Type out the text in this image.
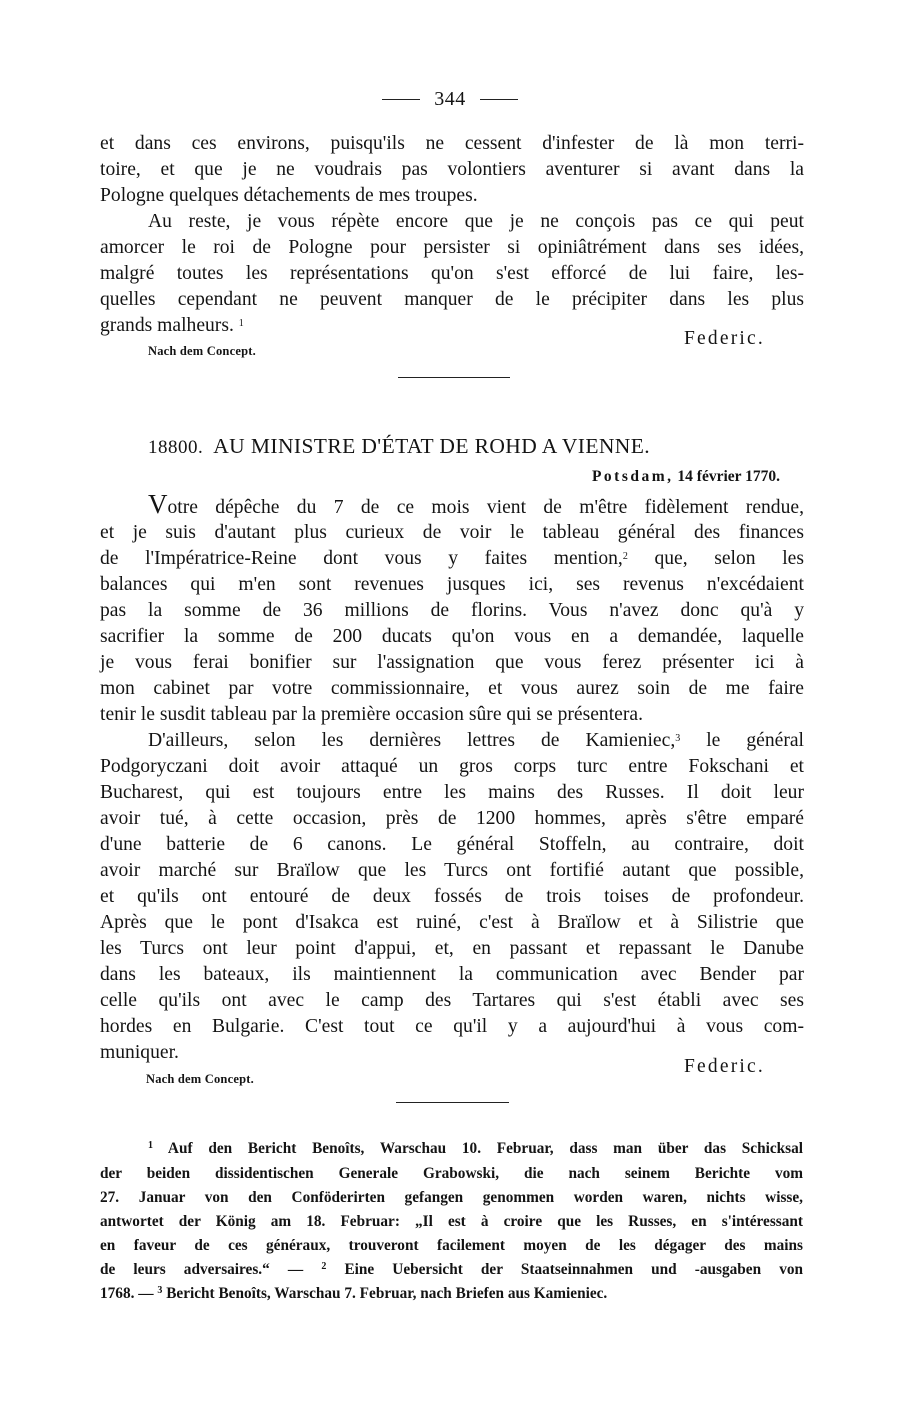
344
et dans ces environs, puisqu'ils ne cessent d'infester de là mon terri-
toire, et que je ne voudrais pas volontiers aventurer si avant dans la
Pologne quelques détachements de mes troupes.
Au reste, je vous répète encore que je ne conçois pas ce qui peut
amorcer le roi de Pologne pour persister si opiniâtrément dans ses idées,
malgré toutes les représentations qu'on s'est efforcé de lui faire, les-
quelles cependant ne peuvent manquer de le précipiter dans les plus
grands malheurs. $^1$
Federic.
Nach dem Concept.
18800. AU MINISTRE D'ÉTAT DE ROHD A VIENNE.
Potsdam, 14 février 1770.
Votre dépêche du 7 de ce mois vient de m'être fidèlement rendue,
et je suis d'autant plus curieux de voir le tableau général des finances
de l'Impératrice-Reine dont vous y faites mention,$^2$ que, selon les
balances qui m'en sont revenues jusques ici, ses revenus n'excédaient
pas la somme de 36 millions de florins. Vous n'avez donc qu'à y
sacrifier la somme de 200 ducats qu'on vous en a demandée, laquelle
je vous ferai bonifier sur l'assignation que vous ferez présenter ici à
mon cabinet par votre commissionnaire, et vous aurez soin de me faire
tenir le susdit tableau par la première occasion sûre qui se présentera.
D'ailleurs, selon les dernières lettres de Kamieniec,$^3$ le général
Podgoryczani doit avoir attaqué un gros corps turc entre Fokschani et
Bucharest, qui est toujours entre les mains des Russes. Il doit leur
avoir tué, à cette occasion, près de 1200 hommes, après s'être emparé
d'une batterie de 6 canons. Le général Stoffeln, au contraire, doit
avoir marché sur Braïlow que les Turcs ont fortifié autant que possible,
et qu'ils ont entouré de deux fossés de trois toises de profondeur.
Après que le pont d'Isakca est ruiné, c'est à Braïlow et à Silistrie que
les Turcs ont leur point d'appui, et, en passant et repassant le Danube
dans les bateaux, ils maintiennent la communication avec Bender par
celle qu'ils ont avec le camp des Tartares qui s'est établi avec ses
hordes en Bulgarie. C'est tout ce qu'il y a aujourd'hui à vous com-
muniquer.
Federic.
Nach dem Concept.
$^1$ Auf den Bericht Benoîts, Warschau 10. Februar, dass man über das Schicksal
der beiden dissidentischen Generale Grabowski, die nach seinem Berichte vom
27. Januar von den Conföderirten gefangen genommen worden waren, nichts wisse,
antwortet der König am 18. Februar: „Il est à croire que les Russes, en s'intéressant
en faveur de ces généraux, trouveront facilement moyen de les dégager des mains
de leurs adversaires.“ — $^2$ Eine Uebersicht der Staatseinnahmen und -ausgaben von
1768. — $^3$ Bericht Benoîts, Warschau 7. Februar, nach Briefen aus Kamieniec.
